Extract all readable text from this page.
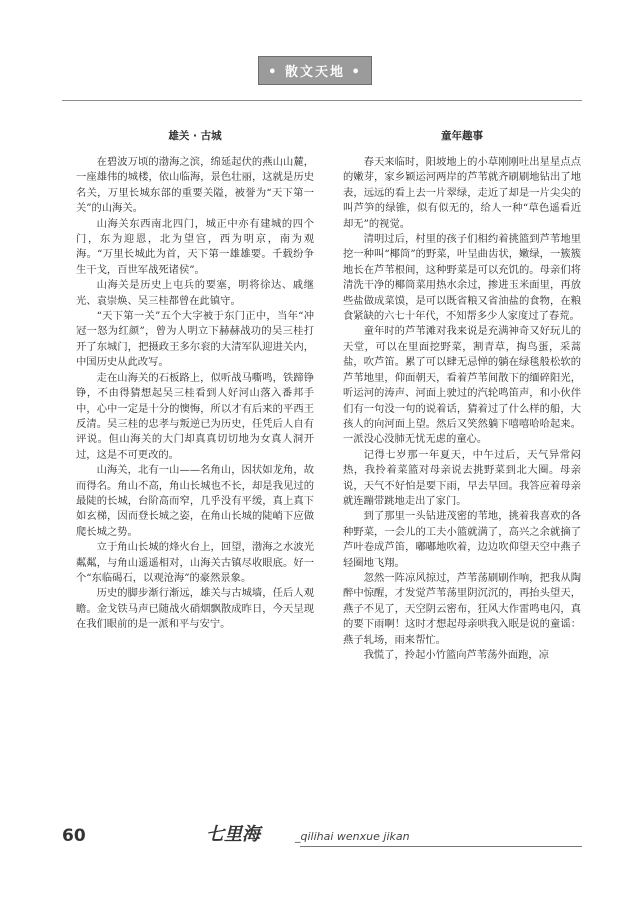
• 散文天地 •
雄关 · 古城

在碧波万顷的渤海之滨，绵延起伏的燕山山麓，一座雄伟的城楼，依山临海，景色壮丽，这就是历史名关，万里长城东部的重要关隘，被誉为“天下第一关”的山海关。

山海关东西南北四门，城正中亦有建城的四个门，东为迎恩，北为望宫，西为明京，南为观海。“万里长城此为首，天下第一雄雄要。千载纷争生干戈，百世军战死诸侯”。

山海关是历史上屯兵的要塞，明将徐达、戚继光、袁崇焕、吴三桂都曾在此镇守。

“天下第一关”五个大字被于东门正中，当年“冲冠一怒为红颜”，曾为人明立下赫赫战功的吴三桂打开了东城门，把摄政王多尔衮的大清军队迎进关内，中国历史从此改写。

走在山海关的石板路上，似听战马嘶鸣，铁蹄铮铮，不由得猜想起吴三桂看到人好河山落入番邦手中，心中一定是十分的懊悔，所以才有后来的平西王反清。吴三桂的忠孝与叛逆已为历史，任凭后人自有评说。但山海关的大门却真真切切地为女真人洞开过，这是不可更改的。

山海关，北有一山——名角山，因状如龙角，故而得名。角山不高，角山长城也不长，却是我见过的最陡的长城，台阶高而窄，几乎没有平缓，真上真下如玄梯，因而登长城之姿，在角山长城的陡峭下应做爬长城之势。

立于角山长城的烽火台上，回望，渤海之水波光粼粼，与角山遥遥相对，山海关古镇尽收眼底。好一个“东临碣石，以观沧海”的豪然景象。

历史的脚步渐行渐远，雄关与古城墙，任后人观瞻。金戈铁马声已随战火硝烟飘散成昨日，今天呈现在我们眼前的是一派和平与安宁。

童年趣事

春天来临时，阳坡地上的小草刚刚吐出星星点点的嫩芽，家乡颖运河两岸的芦苇就齐刷刷地钻出了地表，远远的看上去一片翠绿，走近了却是一片尖尖的叫芦笋的绿锥，似有似无的，给人一种“草色遥看近却无”的视觉。

清明过后，村里的孩子们相约着挑篮到芦苇地里挖一种叫“椰筒”的野菜，叶呈曲齿状，嫩绿，一簇簇地长在芦苇根间，这种野菜是可以充饥的。母亲们将清洗干净的椰筒菜用热水余过，掺进玉米面里，再放些盐做成菜馍，是可以既省粮又省油盐的食物，在粮食紧缺的六七十年代，不知帮多少人家度过了春荒。

童年时的芦苇滩对我来说是充满神奇又好玩儿的天堂，可以在里面挖野菜，割青草，掏鸟蛋，采蒿盐，吹芦笛。累了可以肆无忌惮的躺在绿毯般松软的芦苇地里，仰面朝天，看着芦苇间散下的缅碎阳光，听运河的涛声、河面上驶过的汽轮鸣笛声，和小伙伴们有一句没一句的说着话，猜着过了什么样的船，大孩人的向河面上望。然后又笑然躺下嘻嘻哈哈起来。一派没心没肺无忧无虑的童心。

记得七岁那一年夏天，中午过后，天气异常闷热，我拎着菜篮对母亲说去挑野菜到北大圈。母亲说，天气不好怕是要下雨，早去早回。我答应着母亲就连蹦带跳地走出了家门。

到了那里一头钻进茂密的苇地，挑着我喜欢的各种野菜，一会儿的工夫小篮就满了，高兴之余就摘了芦叶卷成芦笛，嘟嘟地吹着，边边吹仰望天空中燕子轻圈地飞翔。

忽然一阵凉风掠过，芦苇荡刷刷作响，把我从陶醉中惊醒，才发觉芦苇荡里阴沉沉的，再抬头望天，燕子不见了，天空阴云密布，狂风大作雷鸣电闪，真的要下雨啊！这时才想起母亲哄我入眠是说的童谣：燕子轧场，雨来帮忙。

我慌了，拎起小竹篮向芦苇荡外面跑，凉

60	七里海	_qilihai wenxue jikan
